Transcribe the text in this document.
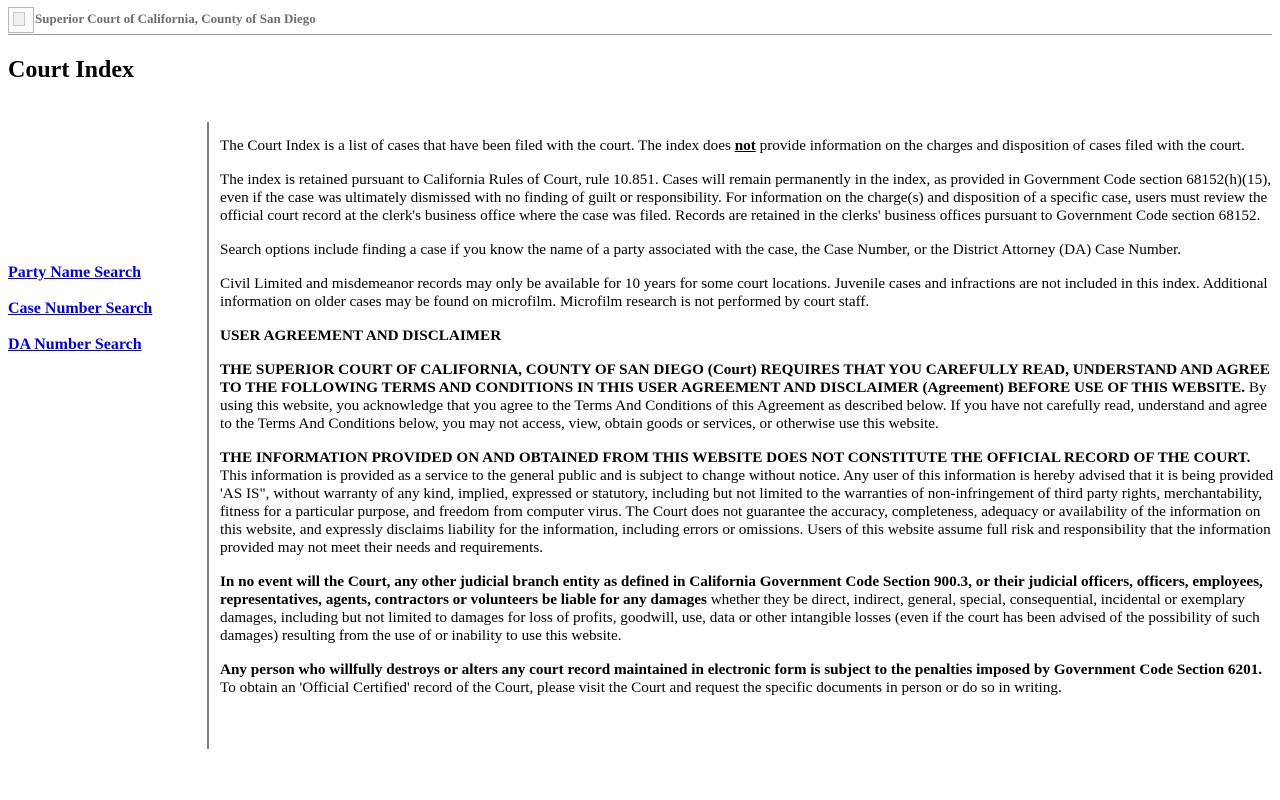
Superior Court of California, County of San Diego
Court Index
Party Name Search
Case Number Search
DA Number Search

The Court Index is a list of cases that have been filed with the court. The index does not provide information on the charges and disposition of cases filed with the court.

The index is retained pursuant to California Rules of Court, rule 10.851. Cases will remain permanently in the index, as provided in Government Code section 68152(h)(15), even if the case was ultimately dismissed with no finding of guilt or responsibility. For information on the charge(s) and disposition of a specific case, users must review the official court record at the clerk's business office where the case was filed. Records are retained in the clerks' business offices pursuant to Government Code section 68152.

Search options include finding a case if you know the name of a party associated with the case, the Case Number, or the District Attorney (DA) Case Number.

Civil Limited and misdemeanor records may only be available for 10 years for some court locations. Juvenile cases and infractions are not included in this index. Additional information on older cases may be found on microfilm. Microfilm research is not performed by court staff.

USER AGREEMENT AND DISCLAIMER

THE SUPERIOR COURT OF CALIFORNIA, COUNTY OF SAN DIEGO (Court) REQUIRES THAT YOU CAREFULLY READ, UNDERSTAND AND AGREE TO THE FOLLOWING TERMS AND CONDITIONS IN THIS USER AGREEMENT AND DISCLAIMER (Agreement) BEFORE USE OF THIS WEBSITE. By using this website, you acknowledge that you agree to the Terms And Conditions of this Agreement as described below. If you have not carefully read, understand and agree to the Terms And Conditions below, you may not access, view, obtain goods or services, or otherwise use this website.

THE INFORMATION PROVIDED ON AND OBTAINED FROM THIS WEBSITE DOES NOT CONSTITUTE THE OFFICIAL RECORD OF THE COURT. This information is provided as a service to the general public and is subject to change without notice. Any user of this information is hereby advised that it is being provided 'AS IS", without warranty of any kind, implied, expressed or statutory, including but not limited to the warranties of non-infringement of third party rights, merchantability, fitness for a particular purpose, and freedom from computer virus. The Court does not guarantee the accuracy, completeness, adequacy or availability of the information on this website, and expressly disclaims liability for the information, including errors or omissions. Users of this website assume full risk and responsibility that the information provided may not meet their needs and requirements.

In no event will the Court, any other judicial branch entity as defined in California Government Code Section 900.3, or their judicial officers, officers, employees, representatives, agents, contractors or volunteers be liable for any damages whether they be direct, indirect, general, special, consequential, incidental or exemplary damages, including but not limited to damages for loss of profits, goodwill, use, data or other intangible losses (even if the court has been advised of the possibility of such damages) resulting from the use of or inability to use this website.

Any person who willfully destroys or alters any court record maintained in electronic form is subject to the penalties imposed by Government Code Section 6201. To obtain an 'Official Certified' record of the Court, please visit the Court and request the specific documents in person or do so in writing.
